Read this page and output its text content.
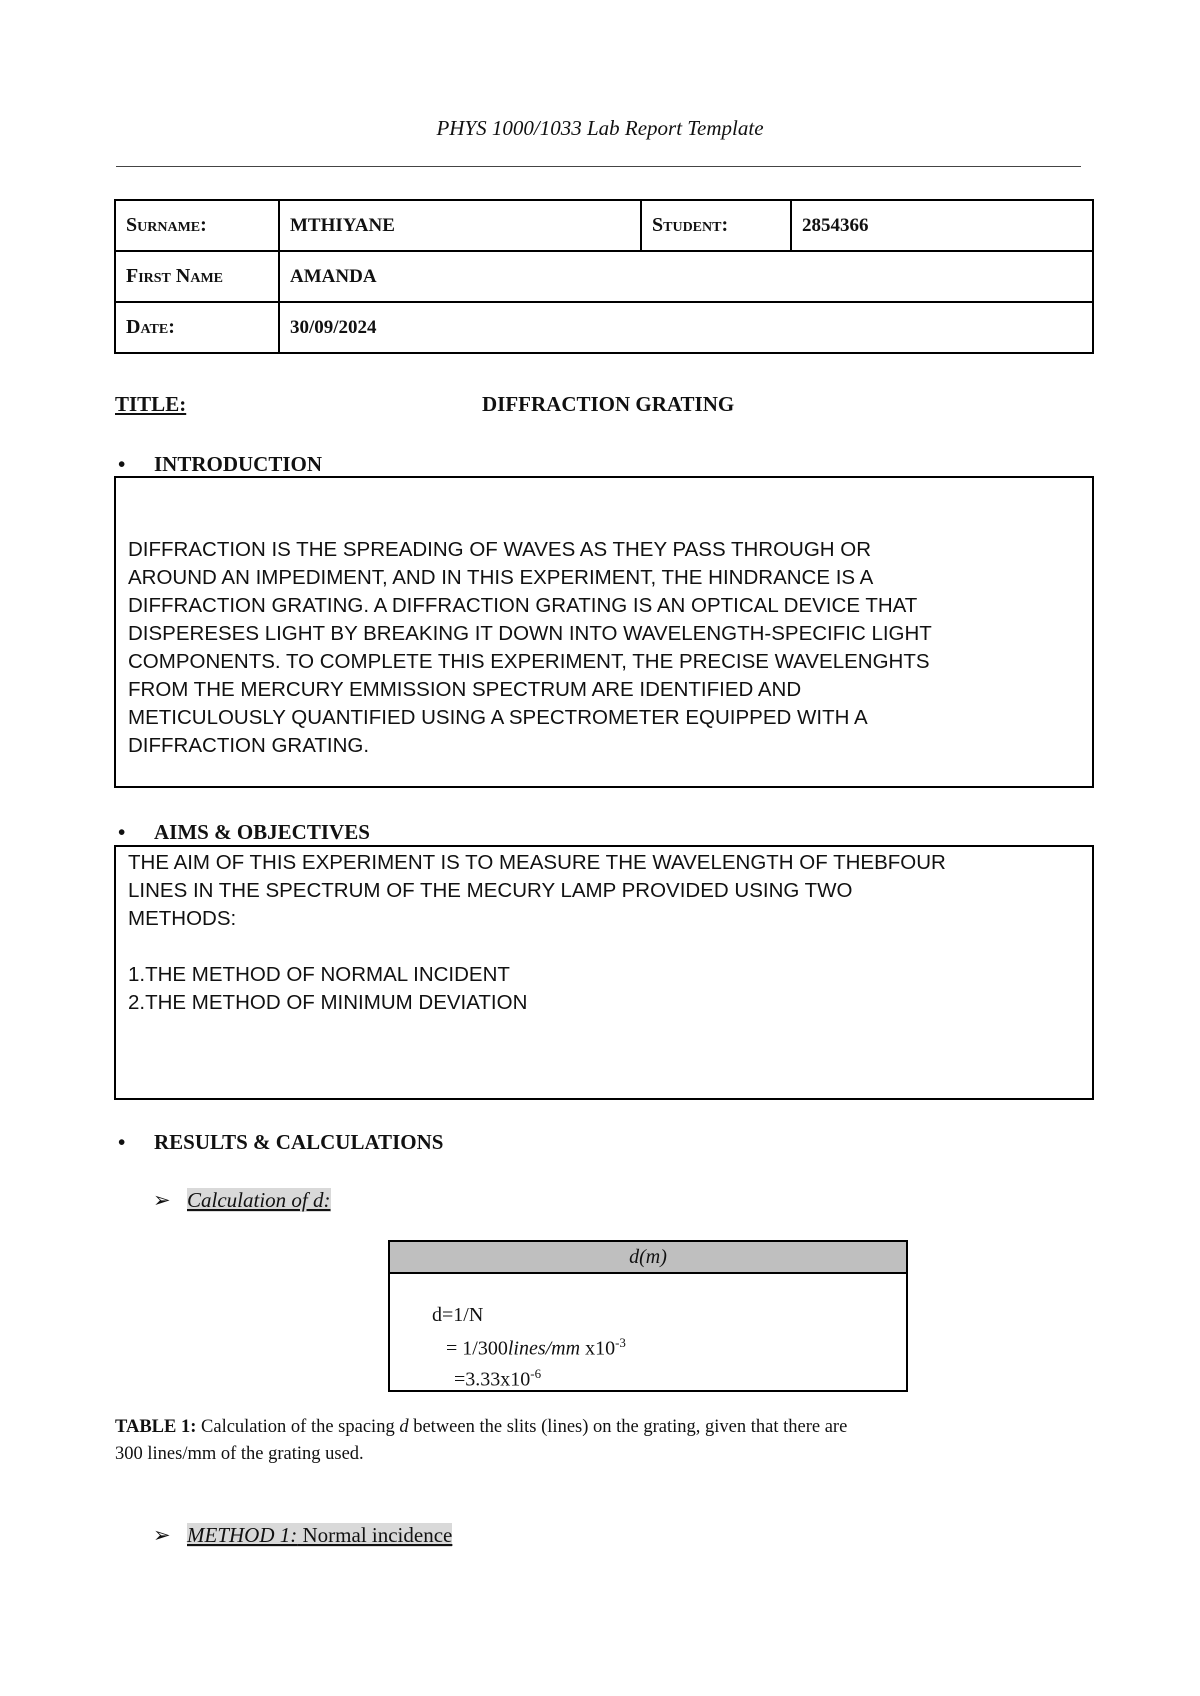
PHYS 1000/1033 Lab Report Template
Surname:	MTHIYANE	Student:	2854366
First Name	AMANDA		
Date:	30/09/2024		
TITLE:	DIFFRACTION GRATING
• INTRODUCTION
DIFFRACTION IS THE SPREADING OF WAVES AS THEY PASS THROUGH OR
AROUND AN IMPEDIMENT, AND IN THIS EXPERIMENT, THE HINDRANCE IS A
DIFFRACTION GRATING. A DIFFRACTION GRATING IS AN OPTICAL DEVICE THAT
DISPERESES LIGHT BY BREAKING IT DOWN INTO WAVELENGTH-SPECIFIC LIGHT
COMPONENTS. TO COMPLETE THIS EXPERIMENT, THE PRECISE WAVELENGHTS
FROM THE MERCURY EMMISSION SPECTRUM ARE IDENTIFIED AND
METICULOUSLY QUANTIFIED USING A SPECTROMETER EQUIPPED WITH A
DIFFRACTION GRATING.
• AIMS & OBJECTIVES
THE AIM OF THIS EXPERIMENT IS TO MEASURE THE WAVELENGTH OF THEBFOUR
LINES IN THE SPECTRUM OF THE MECURY LAMP PROVIDED USING TWO
METHODS:
1.THE METHOD OF NORMAL INCIDENT
2.THE METHOD OF MINIMUM DEVIATION
• RESULTS & CALCULATIONS
➢ Calculation of d:
d(m)

d=1/N
= 1/300lines/mm $x10^{-3}$
$=3.33x10^{-6}$
TABLE 1: Calculation of the spacing d between the slits (lines) on the grating, given that there are
300 lines/mm of the grating used.
➢ METHOD 1: Normal incidence
